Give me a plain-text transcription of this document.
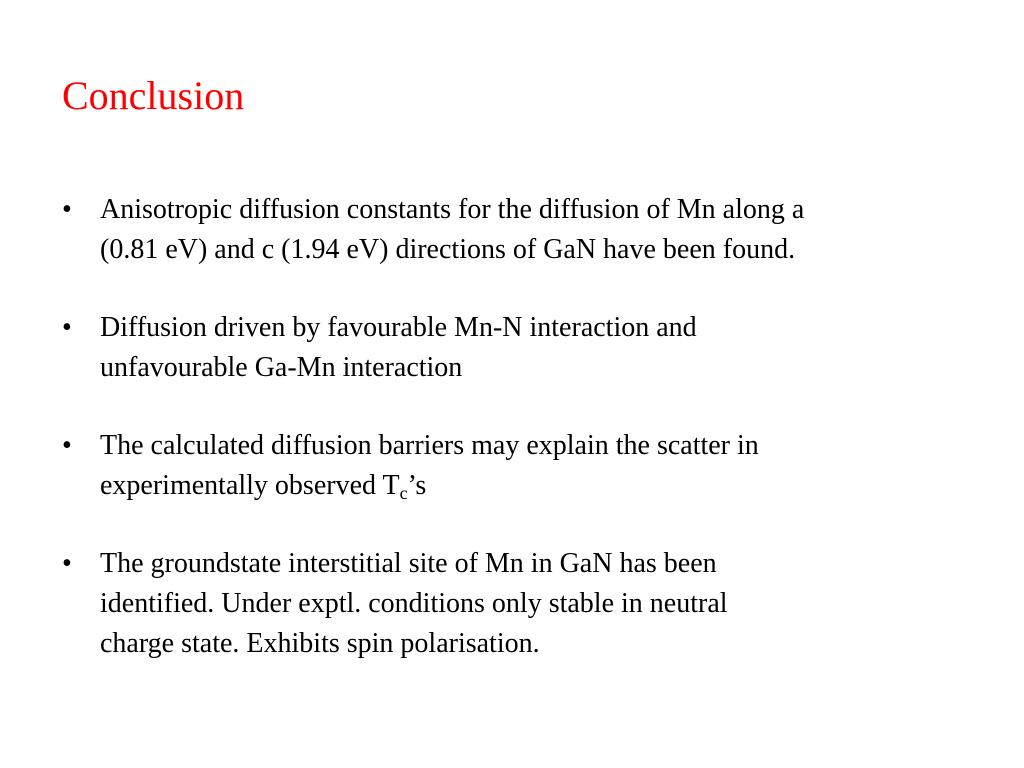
Conclusion
•	Anisotropic diffusion constants for the diffusion of Mn along a
(0.81 eV) and c (1.94 eV) directions of GaN have been found.
•	Diffusion driven by favourable Mn-N interaction and
unfavourable Ga-Mn interaction
•	The calculated diffusion barriers may explain the scatter in
experimentally observed $T_c’s$
•	The groundstate interstitial site of Mn in GaN has been
identified. Under exptl. conditions only stable in neutral
charge state. Exhibits spin polarisation.
